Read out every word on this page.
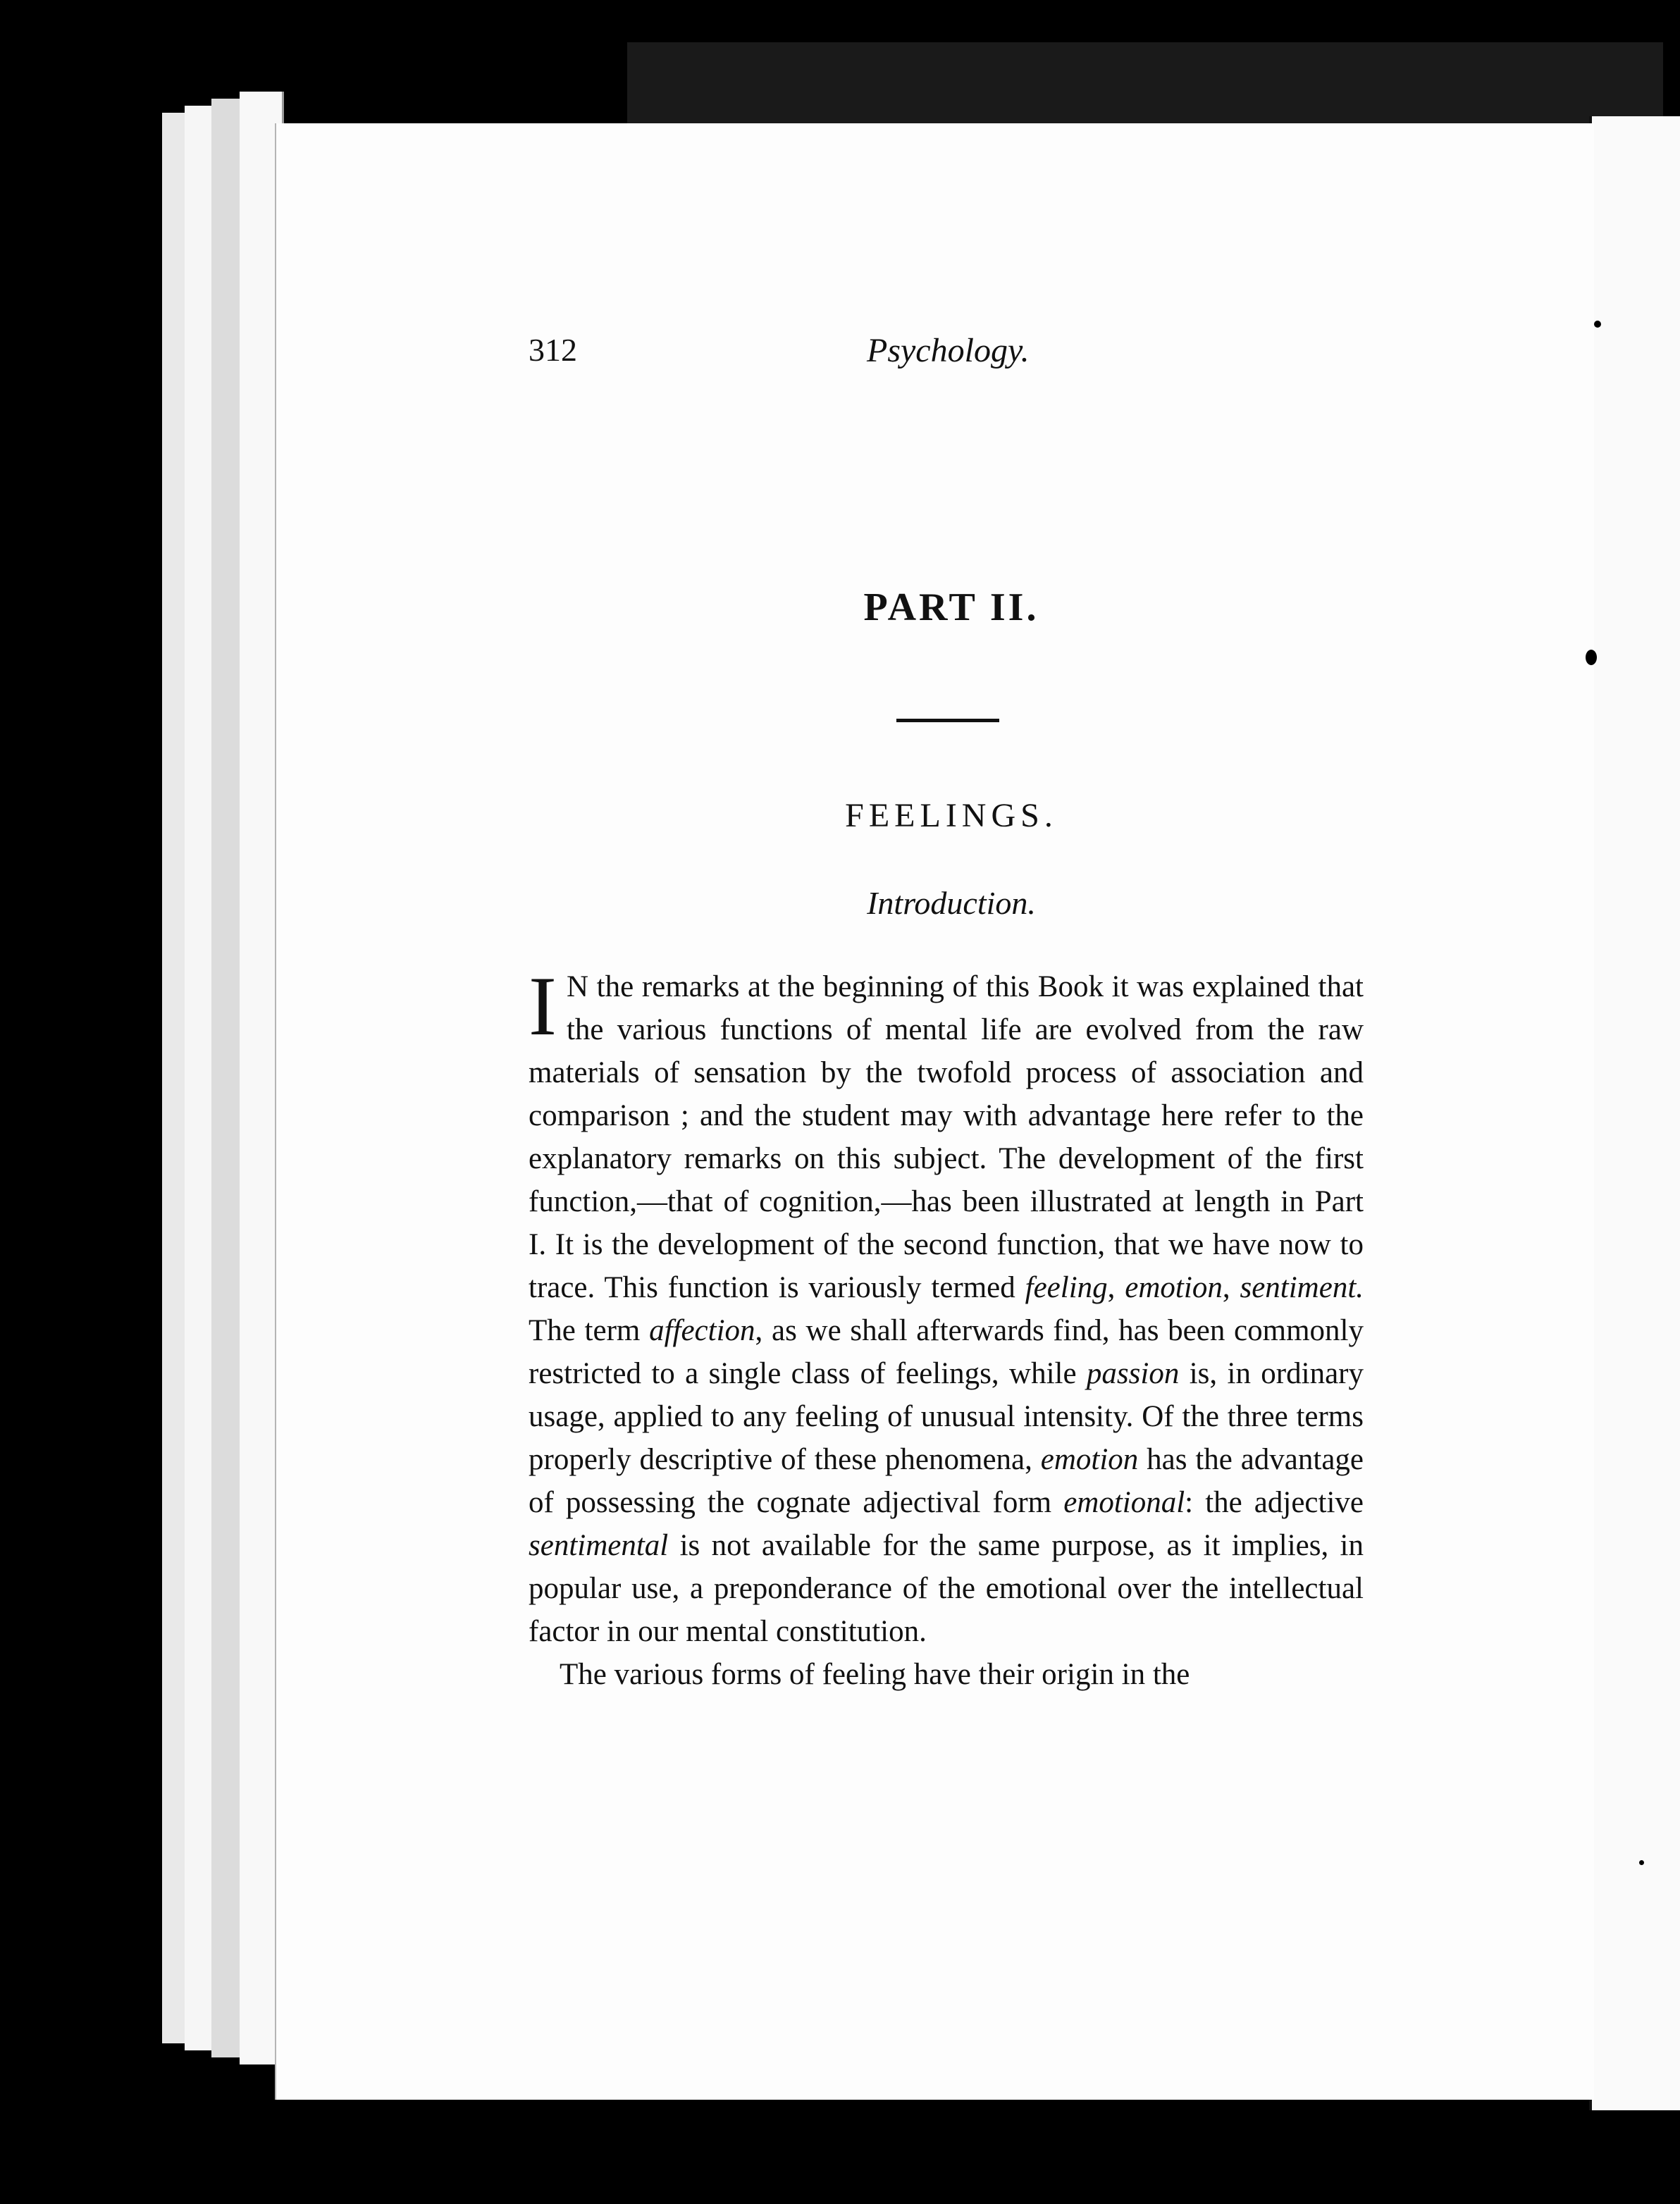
312	Psychology.
PART II.
FEELINGS.
Introduction.

I N the remarks at the beginning of this Book it was explained that the various functions of mental life are evolved from the raw materials of sensation by the twofold process of association and comparison ; and the student may with advantage here refer to the explanatory remarks on this subject. The development of the first function,—that of cognition,—has been illustrated at length in Part I. It is the development of the second function, that we have now to trace. This function is variously termed feeling, emotion, sentiment. The term affection, as we shall afterwards find, has been commonly restricted to a single class of feelings, while passion is, in ordinary usage, applied to any feeling of unusual intensity. Of the three terms properly descriptive of these phenomena, emotion has the advantage of possessing the cognate adjectival form emotional: the adjective sentimental is not available for the same purpose, as it implies, in popular use, a preponderance of the emotional over the intellectual factor in our mental constitution.

The various forms of feeling have their origin in the
